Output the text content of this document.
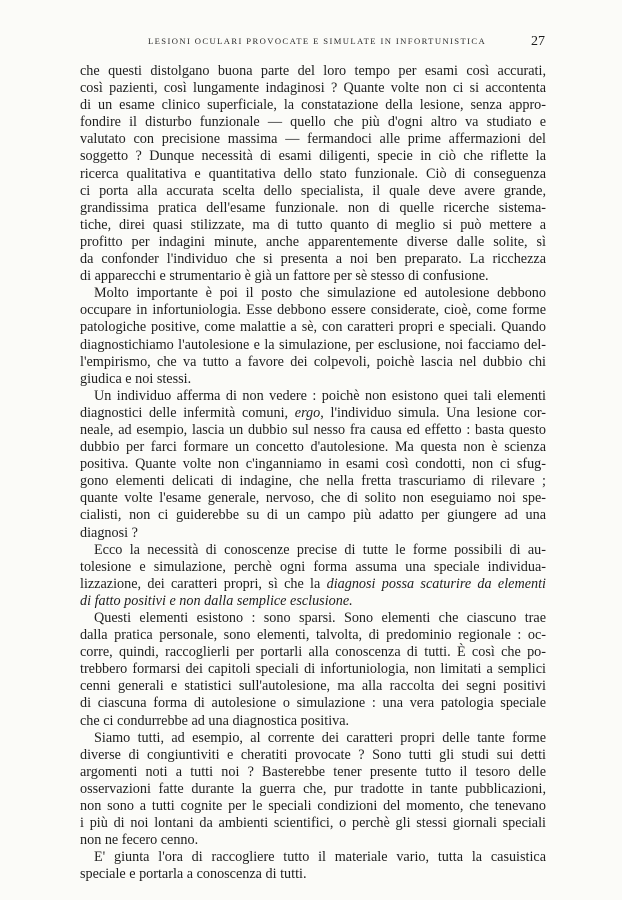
LESIONI OCULARI PROVOCATE E SIMULATE IN INFORTUNISTICA	27
che questi distolgano buona parte del loro tempo per esami così accurati,
così pazienti, così lungamente indaginosi ? Quante volte non ci si accontenta
di un esame clinico superficiale, la constatazione della lesione, senza appro-
fondire il disturbo funzionale — quello che più d'ogni altro va studiato e
valutato con precisione massima — fermandoci alle prime affermazioni del
soggetto ? Dunque necessità di esami diligenti, specie in ciò che riflette la
ricerca qualitativa e quantitativa dello stato funzionale. Ciò di conseguenza
ci porta alla accurata scelta dello specialista, il quale deve avere grande,
grandissima pratica dell'esame funzionale. non di quelle ricerche sistema-
tiche, direi quasi stilizzate, ma di tutto quanto di meglio si può mettere a
profitto per indagini minute, anche apparentemente diverse dalle solite, sì
da confonder l'individuo che si presenta a noi ben preparato. La ricchezza
di apparecchi e strumentario è già un fattore per sè stesso di confusione.
Molto importante è poi il posto che simulazione ed autolesione debbono
occupare in infortuniologia. Esse debbono essere considerate, cioè, come forme
patologiche positive, come malattie a sè, con caratteri propri e speciali. Quando
diagnostichiamo l'autolesione e la simulazione, per esclusione, noi facciamo del-
l'empirismo, che va tutto a favore dei colpevoli, poichè lascia nel dubbio chi
giudica e noi stessi.
Un individuo afferma di non vedere : poichè non esistono quei tali elementi
diagnostici delle infermità comuni, ergo, l'individuo simula. Una lesione cor-
neale, ad esempio, lascia un dubbio sul nesso fra causa ed effetto : basta questo
dubbio per farci formare un concetto d'autolesione. Ma questa non è scienza
positiva. Quante volte non c'inganniamo in esami così condotti, non ci sfug-
gono elementi delicati di indagine, che nella fretta trascuriamo di rilevare ;
quante volte l'esame generale, nervoso, che di solito non eseguiamo noi spe-
cialisti, non ci guiderebbe su di un campo più adatto per giungere ad una
diagnosi ?
Ecco la necessità di conoscenze precise di tutte le forme possibili di au-
tolesione e simulazione, perchè ogni forma assuma una speciale individua-
lizzazione, dei caratteri propri, sì che la diagnosi possa scaturire da elementi
di fatto positivi e non dalla semplice esclusione.
Questi elementi esistono : sono sparsi. Sono elementi che ciascuno trae
dalla pratica personale, sono elementi, talvolta, di predominio regionale : oc-
corre, quindi, raccoglierli per portarli alla conoscenza di tutti. È così che po-
trebbero formarsi dei capitoli speciali di infortuniologia, non limitati a semplici
cenni generali e statistici sull'autolesione, ma alla raccolta dei segni positivi
di ciascuna forma di autolesione o simulazione : una vera patologia speciale
che ci condurrebbe ad una diagnostica positiva.
Siamo tutti, ad esempio, al corrente dei caratteri propri delle tante forme
diverse di congiuntiviti e cheratiti provocate ? Sono tutti gli studi sui detti
argomenti noti a tutti noi ? Basterebbe tener presente tutto il tesoro delle
osservazioni fatte durante la guerra che, pur tradotte in tante pubblicazioni,
non sono a tutti cognite per le speciali condizioni del momento, che tenevano
i più di noi lontani da ambienti scientifici, o perchè gli stessi giornali speciali
non ne fecero cenno.
E' giunta l'ora di raccogliere tutto il materiale vario, tutta la casuistica
speciale e portarla a conoscenza di tutti.
